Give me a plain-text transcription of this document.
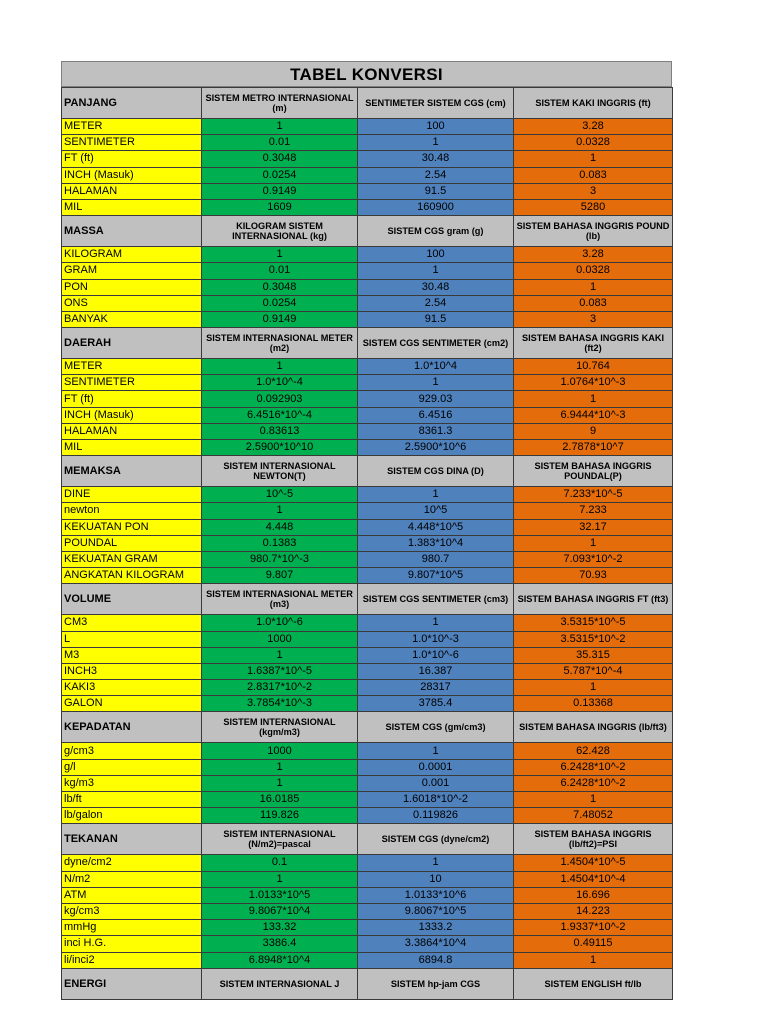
TABEL KONVERSI
PANJANG	SISTEM METRO INTERNASIONAL (m)	SENTIMETER SISTEM CGS (cm)	SISTEM KAKI INGGRIS (ft)
METER	1	100	3.28
SENTIMETER	0.01	1	0.0328
FT (ft)	0.3048	30.48	1
INCH (Masuk)	0.0254	2.54	0.083
HALAMAN	0.9149	91.5	3
MIL	1609	160900	5280
MASSA	KILOGRAM SISTEM INTERNASIONAL (kg)	SISTEM CGS gram (g)	SISTEM BAHASA INGGRIS POUND (lb)
KILOGRAM	1	100	3.28
GRAM	0.01	1	0.0328
PON	0.3048	30.48	1
ONS	0.0254	2.54	0.083
BANYAK	0.9149	91.5	3
DAERAH	SISTEM INTERNASIONAL METER (m2)	SISTEM CGS SENTIMETER (cm2)	SISTEM BAHASA INGGRIS KAKI (ft2)
METER	1	1.0*10^4	10.764
SENTIMETER	1.0*10^-4	1	1.0764*10^-3
FT (ft)	0.092903	929.03	1
INCH (Masuk)	6.4516*10^-4	6.4516	6.9444*10^-3
HALAMAN	0.83613	8361.3	9
MIL	2.5900*10^10	2.5900*10^6	2.7878*10^7
MEMAKSA	SISTEM INTERNASIONAL NEWTON(T)	SISTEM CGS DINA (D)	SISTEM BAHASA INGGRIS POUNDAL(P)
DINE	10^-5	1	7.233*10^-5
newton	1	10^5	7.233
KEKUATAN PON	4.448	4.448*10^5	32.17
POUNDAL	0.1383	1.383*10^4	1
KEKUATAN GRAM	980.7*10^-3	980.7	7.093*10^-2
ANGKATAN KILOGRAM	9.807	9.807*10^5	70.93
VOLUME	SISTEM INTERNASIONAL METER (m3)	SISTEM CGS SENTIMETER (cm3)	SISTEM BAHASA INGGRIS FT (ft3)
CM3	1.0*10^-6	1	3.5315*10^-5
L	1000	1.0*10^-3	3.5315*10^-2
M3	1	1.0*10^-6	35.315
INCH3	1.6387*10^-5	16.387	5.787*10^-4
KAKI3	2.8317*10^-2	28317	1
GALON	3.7854*10^-3	3785.4	0.13368
KEPADATAN	SISTEM INTERNASIONAL (kgm/m3)	SISTEM CGS (gm/cm3)	SISTEM BAHASA INGGRIS (lb/ft3)
g/cm3	1000	1	62.428
g/l	1	0.0001	6.2428*10^-2
kg/m3	1	0.001	6.2428*10^-2
lb/ft	16.0185	1.6018*10^-2	1
lb/galon	119.826	0.119826	7.48052
TEKANAN	SISTEM INTERNASIONAL (N/m2)=pascal	SISTEM CGS (dyne/cm2)	SISTEM BAHASA INGGRIS (lb/ft2)=PSI
dyne/cm2	0.1	1	1.4504*10^-5
N/m2	1	10	1.4504*10^-4
ATM	1.0133*10^5	1.0133*10^6	16.696
kg/cm3	9.8067*10^4	9.8067*10^5	14.223
mmHg	133.32	1333.2	1.9337*10^-2
inci H.G.	3386.4	3.3864*10^4	0.49115
li/inci2	6.8948*10^4	6894.8	1
ENERGI	SISTEM INTERNASIONAL J	SISTEM hp-jam CGS	SISTEM ENGLISH ft/lb
